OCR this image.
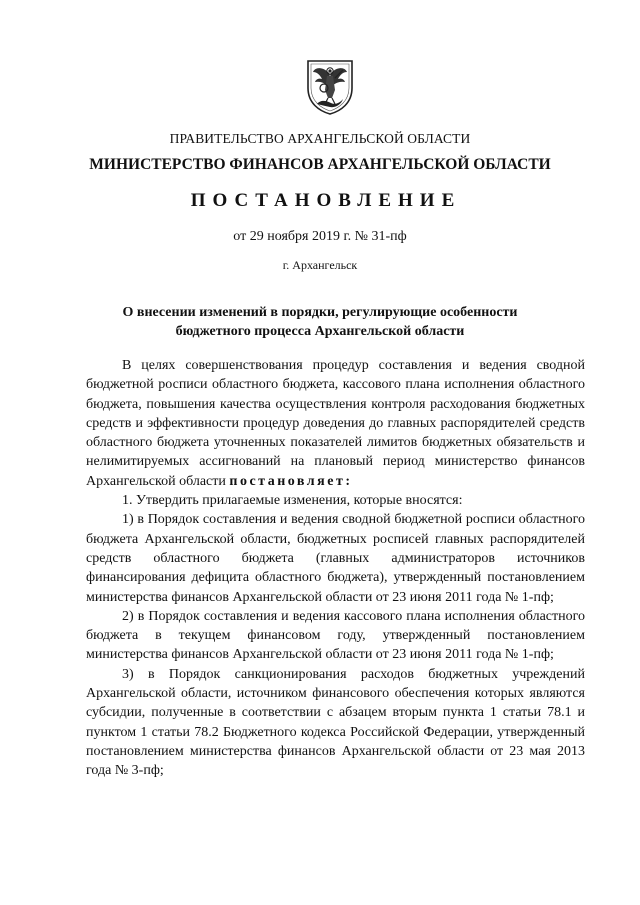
ПРАВИТЕЛЬСТВО АРХАНГЕЛЬСКОЙ ОБЛАСТИ
МИНИСТЕРСТВО ФИНАНСОВ АРХАНГЕЛЬСКОЙ ОБЛАСТИ
ПОСТАНОВЛЕНИЕ
от 29 ноября 2019 г. № 31-пф
г. Архангельск
О внесении изменений в порядки, регулирующие особенности
бюджетного процесса Архангельской области

В целях совершенствования процедур составления и ведения сводной бюджетной росписи областного бюджета, кассового плана исполнения областного бюджета, повышения качества осуществления контроля расходования бюджетных средств и эффективности процедур доведения до главных распорядителей средств областного бюджета уточненных показателей лимитов бюджетных обязательств и нелимитируемых ассигнований на плановый период министерство финансов Архангельской области постановляет:

1. Утвердить прилагаемые изменения, которые вносятся:

1) в Порядок составления и ведения сводной бюджетной росписи областного бюджета Архангельской области, бюджетных росписей главных распорядителей средств областного бюджета (главных администраторов источников финансирования дефицита областного бюджета), утвержденный постановлением министерства финансов Архангельской области от 23 июня 2011 года № 1-пф;

2) в Порядок составления и ведения кассового плана исполнения областного бюджета в текущем финансовом году, утвержденный постановлением министерства финансов Архангельской области от 23 июня 2011 года № 1-пф;

3) в Порядок санкционирования расходов бюджетных учреждений Архангельской области, источником финансового обеспечения которых являются субсидии, полученные в соответствии с абзацем вторым пункта 1 статьи 78.1 и пунктом 1 статьи 78.2 Бюджетного кодекса Российской Федерации, утвержденный постановлением министерства финансов Архангельской области от 23 мая 2013 года № 3-пф;
